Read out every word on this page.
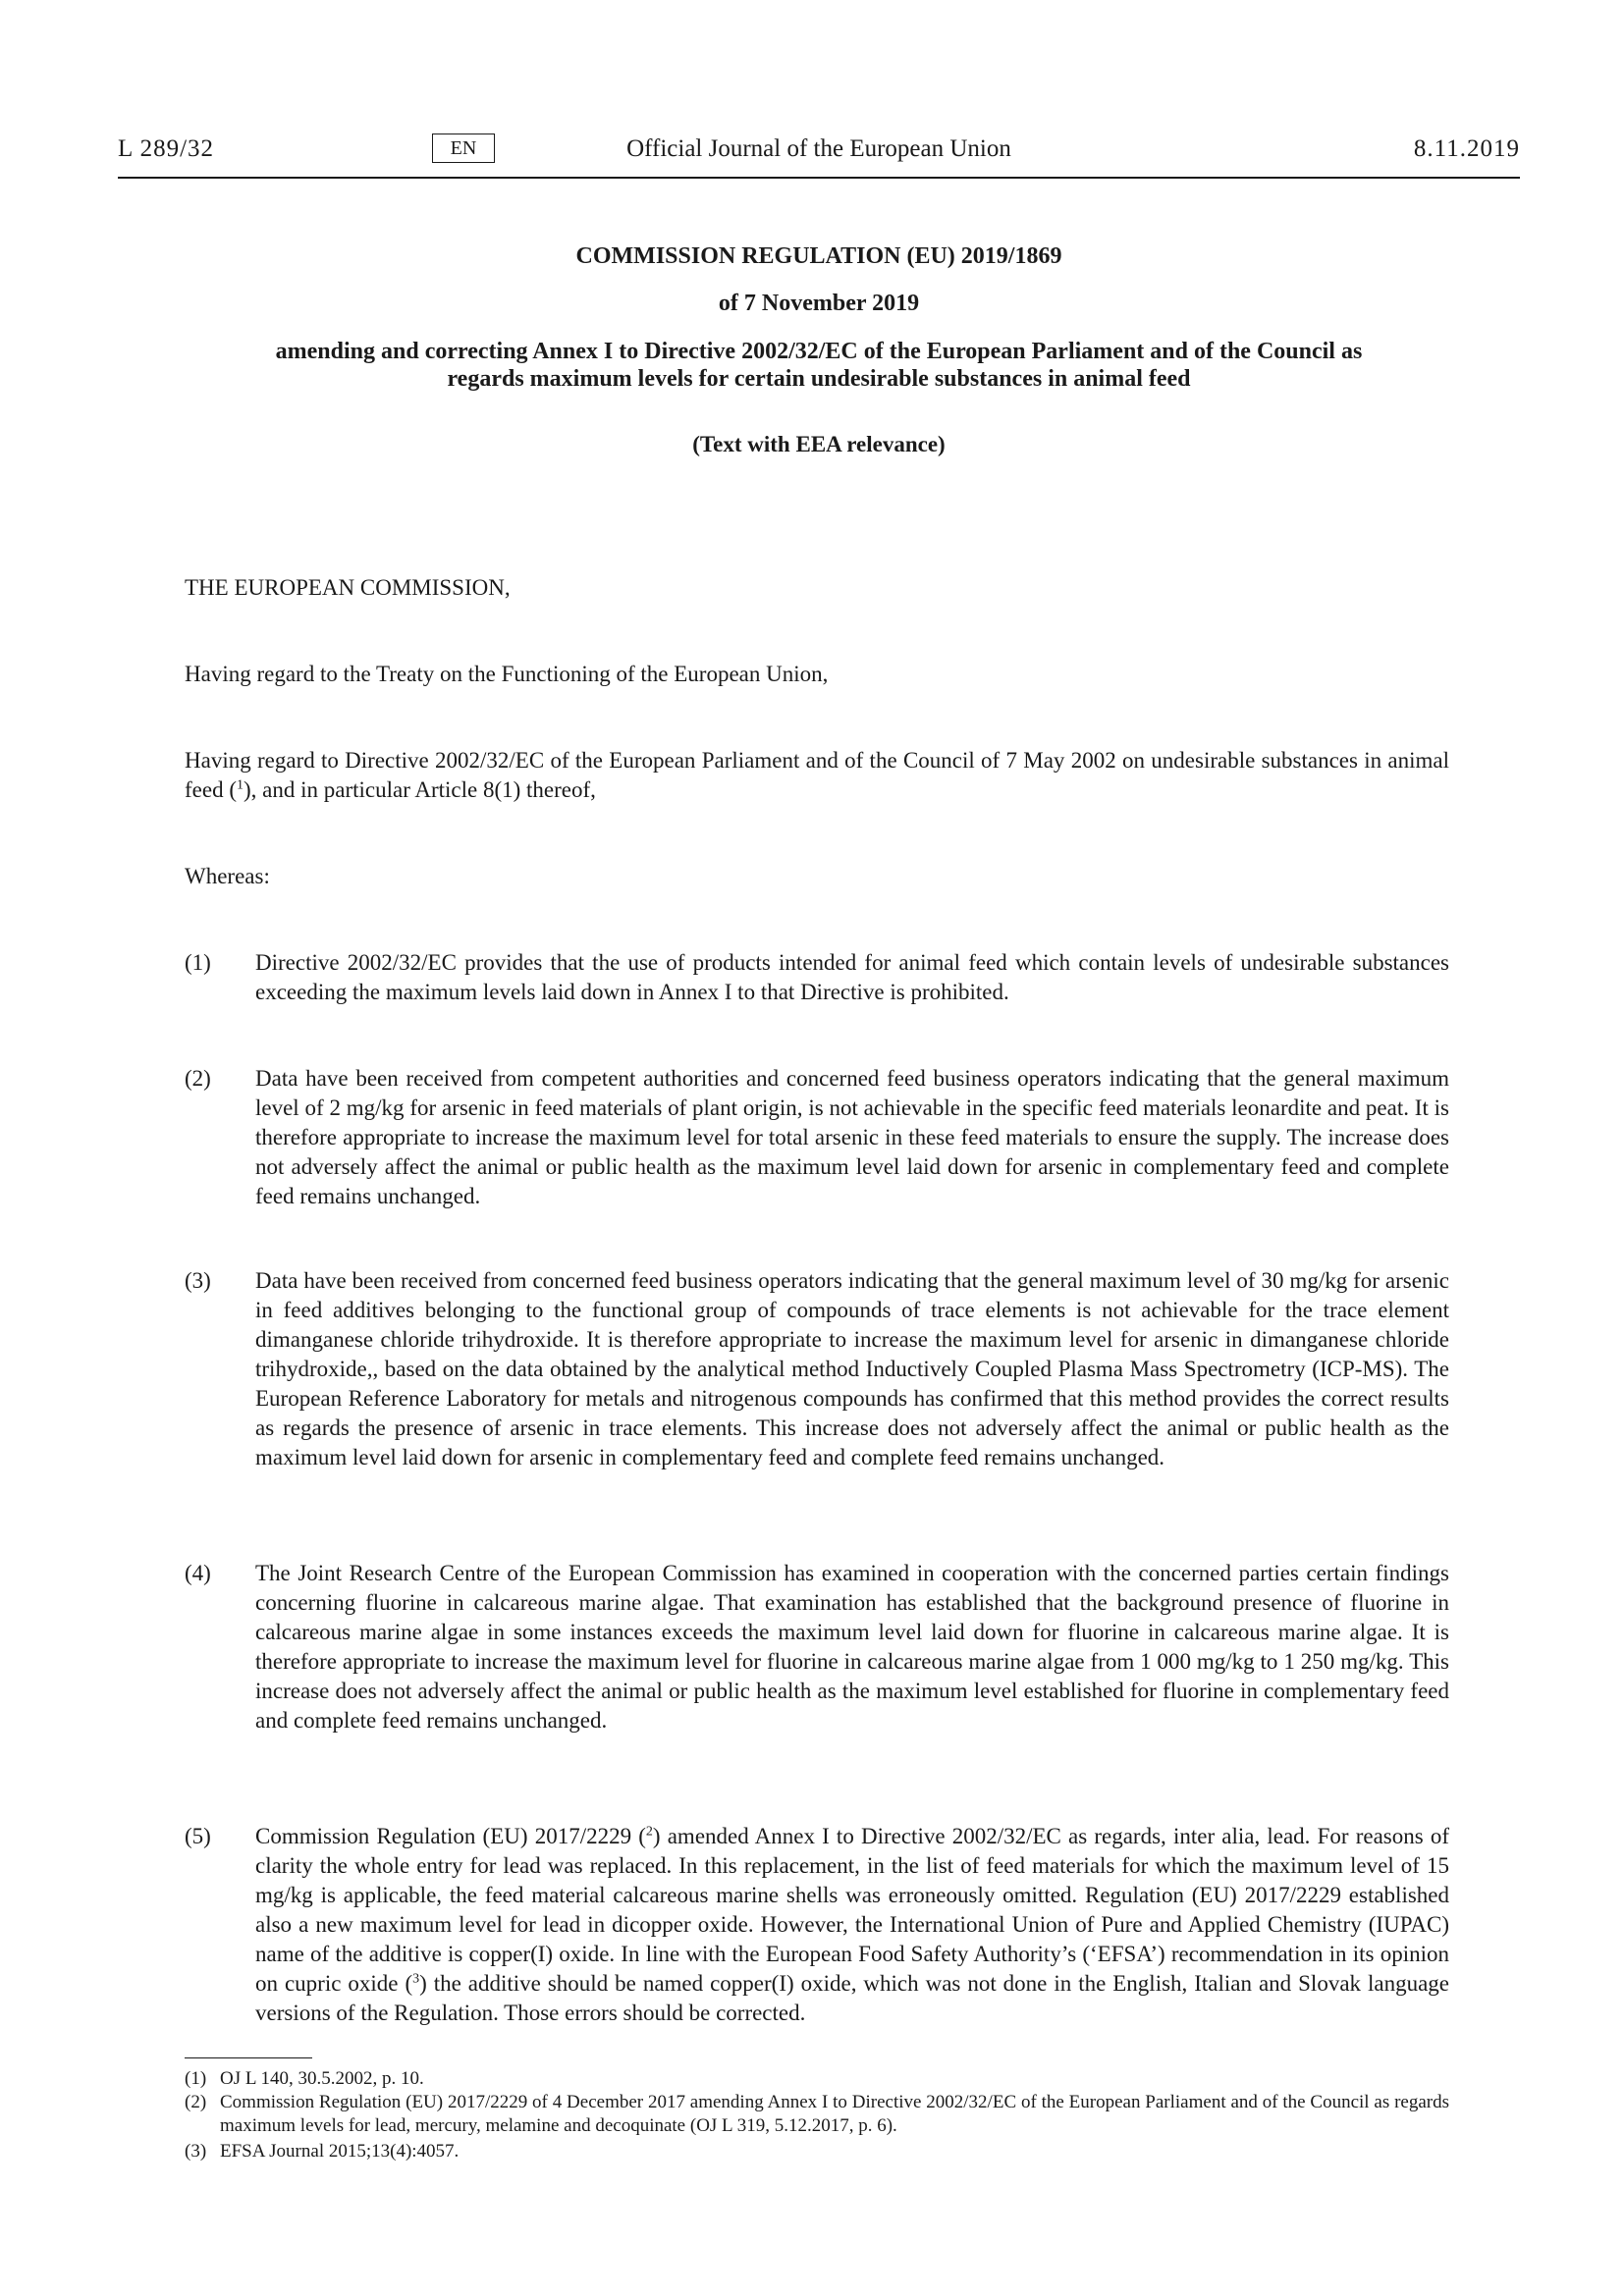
L 289/32	EN	Official Journal of the European Union	8.11.2019
COMMISSION REGULATION (EU) 2019/1869
of 7 November 2019
amending and correcting Annex I to Directive 2002/32/EC of the European Parliament and of the Council as regards maximum levels for certain undesirable substances in animal feed
(Text with EEA relevance)
THE EUROPEAN COMMISSION,
Having regard to the Treaty on the Functioning of the European Union,
Having regard to Directive 2002/32/EC of the European Parliament and of the Council of 7 May 2002 on undesirable substances in animal feed ($^1$), and in particular Article 8(1) thereof,
Whereas:
(1) Directive 2002/32/EC provides that the use of products intended for animal feed which contain levels of undesirable substances exceeding the maximum levels laid down in Annex I to that Directive is prohibited.
(2) Data have been received from competent authorities and concerned feed business operators indicating that the general maximum level of 2 mg/kg for arsenic in feed materials of plant origin, is not achievable in the specific feed materials leonardite and peat. It is therefore appropriate to increase the maximum level for total arsenic in these feed materials to ensure the supply. The increase does not adversely affect the animal or public health as the maximum level laid down for arsenic in complementary feed and complete feed remains unchanged.
(3) Data have been received from concerned feed business operators indicating that the general maximum level of 30 mg/kg for arsenic in feed additives belonging to the functional group of compounds of trace elements is not achievable for the trace element dimanganese chloride trihydroxide. It is therefore appropriate to increase the maximum level for arsenic in dimanganese chloride trihydroxide,, based on the data obtained by the analytical method Inductively Coupled Plasma Mass Spectrometry (ICP-MS). The European Reference Laboratory for metals and nitrogenous compounds has confirmed that this method provides the correct results as regards the presence of arsenic in trace elements. This increase does not adversely affect the animal or public health as the maximum level laid down for arsenic in complementary feed and complete feed remains unchanged.
(4) The Joint Research Centre of the European Commission has examined in cooperation with the concerned parties certain findings concerning fluorine in calcareous marine algae. That examination has established that the background presence of fluorine in calcareous marine algae in some instances exceeds the maximum level laid down for fluorine in calcareous marine algae. It is therefore appropriate to increase the maximum level for fluorine in calcareous marine algae from 1 000 mg/kg to 1 250 mg/kg. This increase does not adversely affect the animal or public health as the maximum level established for fluorine in complementary feed and complete feed remains unchanged.
(5) Commission Regulation (EU) 2017/2229 ($^2$) amended Annex I to Directive 2002/32/EC as regards, inter alia, lead. For reasons of clarity the whole entry for lead was replaced. In this replacement, in the list of feed materials for which the maximum level of 15 mg/kg is applicable, the feed material calcareous marine shells was erroneously omitted. Regulation (EU) 2017/2229 established also a new maximum level for lead in dicopper oxide. However, the International Union of Pure and Applied Chemistry (IUPAC) name of the additive is copper(I) oxide. In line with the European Food Safety Authority’s (‘EFSA’) recommendation in its opinion on cupric oxide ($^3$) the additive should be named copper(I) oxide, which was not done in the English, Italian and Slovak language versions of the Regulation. Those errors should be corrected.
(1) OJ L 140, 30.5.2002, p. 10.
(2) Commission Regulation (EU) 2017/2229 of 4 December 2017 amending Annex I to Directive 2002/32/EC of the European Parliament and of the Council as regards maximum levels for lead, mercury, melamine and decoquinate (OJ L 319, 5.12.2017, p. 6).
(3) EFSA Journal 2015;13(4):4057.
